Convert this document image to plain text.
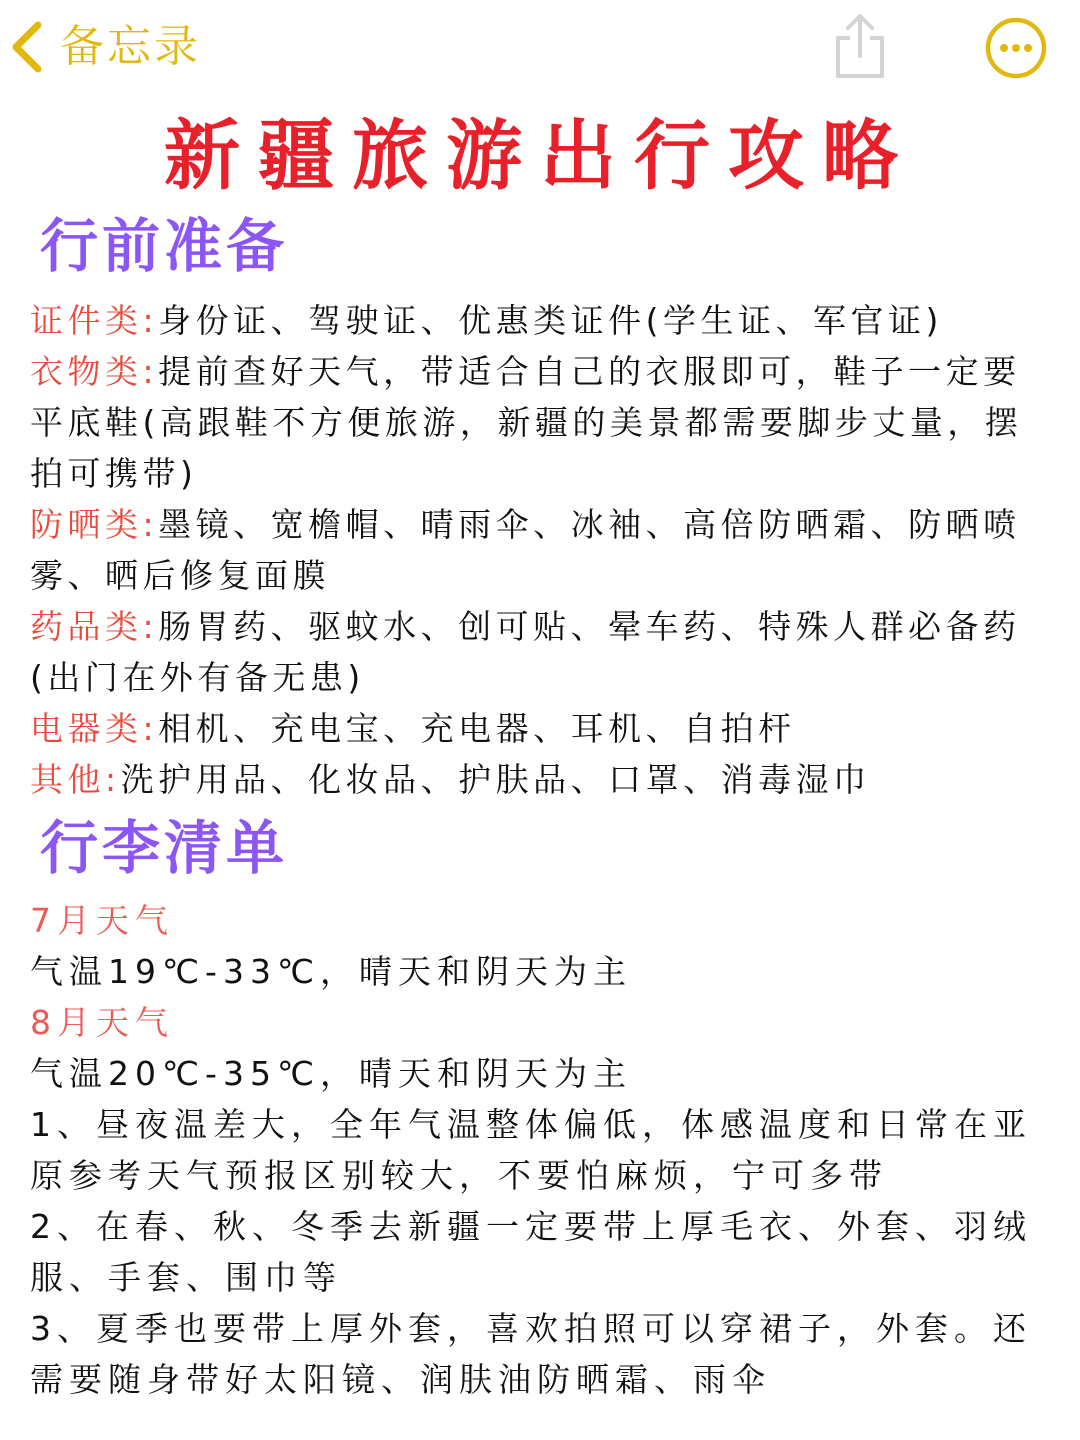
备忘录
新疆旅游出行攻略
行前准备

证件类:身份证、驾驶证、优惠类证件(学生证、军官证)

衣物类:提前查好天气，带适合自己的衣服即可，鞋子一定要平底鞋(高跟鞋不方便旅游，新疆的美景都需要脚步丈量，摆拍可携带)

防晒类:墨镜、宽檐帽、晴雨伞、冰袖、高倍防晒霜、防晒喷雾、晒后修复面膜

药品类:肠胃药、驱蚊水、创可贴、晕车药、特殊人群必备药(出门在外有备无患)

电器类:相机、充电宝、充电器、耳机、自拍杆

其他:洗护用品、化妆品、护肤品、口罩、消毒湿巾

行李清单

7月天气

气温19℃-33℃，晴天和阴天为主

8月天气

气温20℃-35℃，晴天和阴天为主

1、昼夜温差大，全年气温整体偏低，体感温度和日常在亚原参考天气预报区别较大，不要怕麻烦，宁可多带

2、在春、秋、冬季去新疆一定要带上厚毛衣、外套、羽绒服、手套、围巾等

3、夏季也要带上厚外套，喜欢拍照可以穿裙子，外套。还需要随身带好太阳镜、润肤油防晒霜、雨伞
